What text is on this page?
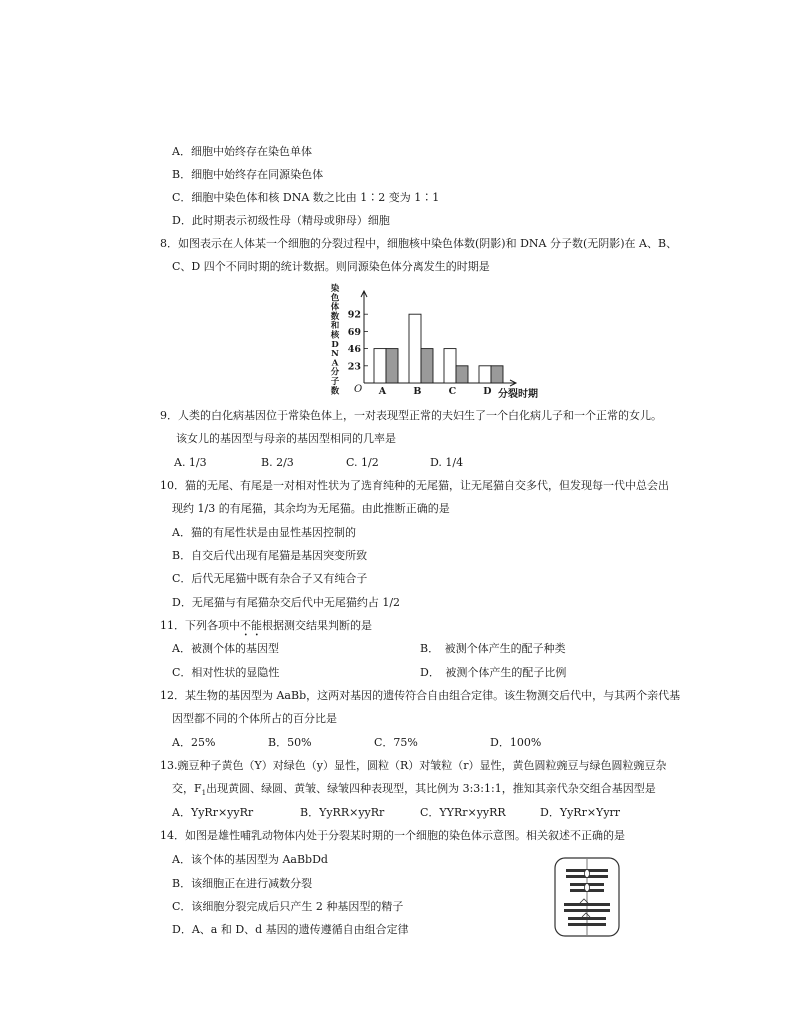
A．细胞中始终存在染色单体
B．细胞中始终存在同源染色体
C．细胞中染色体和核 DNA 数之比由 1∶2 变为 1∶1
D．此时期表示初级性母（精母或卵母）细胞
8．如图表示在人体某一个细胞的分裂过程中，细胞核中染色体数(阴影)和 DNA 分子数(无阴影)在 A、B、
C、D 四个不同时期的统计数据。则同源染色体分离发生的时期是
染
色
体
数
和
核
D
N
A
分
子
数
92
69
46
23
A	B	C	D
O	分裂时期
9．人类的白化病基因位于常染色体上，一对表现型正常的夫妇生了一个白化病儿子和一个正常的女儿。
该女儿的基因型与母亲的基因型相同的几率是
A. 1/3	B. 2/3	C. 1/2	D. 1/4
10．猫的无尾、有尾是一对相对性状为了选育纯种的无尾猫，让无尾猫自交多代，但发现每一代中总会出
现约 1/3 的有尾猫，其余均为无尾猫。由此推断正确的是
A．猫的有尾性状是由显性基因控制的
B．自交后代出现有尾猫是基因突变所致
C．后代无尾猫中既有杂合子又有纯合子
D．无尾猫与有尾猫杂交后代中无尾猫约占 1/2
11．下列各项中不能根据测交结果判断的是
A．被测个体的基因型	B．　被测个体产生的配子种类
C．相对性状的显隐性	D．　被测个体产生的配子比例
12．某生物的基因型为 AaBb，这两对基因的遗传符合自由组合定律。该生物测交后代中，与其两个亲代基
因型都不同的个体所占的百分比是
A．25%	B．50%	C．75%	D．100%
13.豌豆种子黄色（Y）对绿色（y）显性，圆粒（R）对皱粒（r）显性，黄色圆粒豌豆与绿色圆粒豌豆杂
交，$F_1$出现黄圆、绿圆、黄皱、绿皱四种表现型，其比例为 3:3:1:1，推知其亲代杂交组合基因型是
A．YyRr×yyRr	B．YyRR×yyRr	C．YYRr×yyRR	D．YyRr×Yyrr
14．如图是雄性哺乳动物体内处于分裂某时期的一个细胞的染色体示意图。相关叙述不正确的是
A．该个体的基因型为 AaBbDd
B．该细胞正在进行减数分裂
C．该细胞分裂完成后只产生 2 种基因型的精子
D．A、a 和 D、d 基因的遗传遵循自由组合定律
